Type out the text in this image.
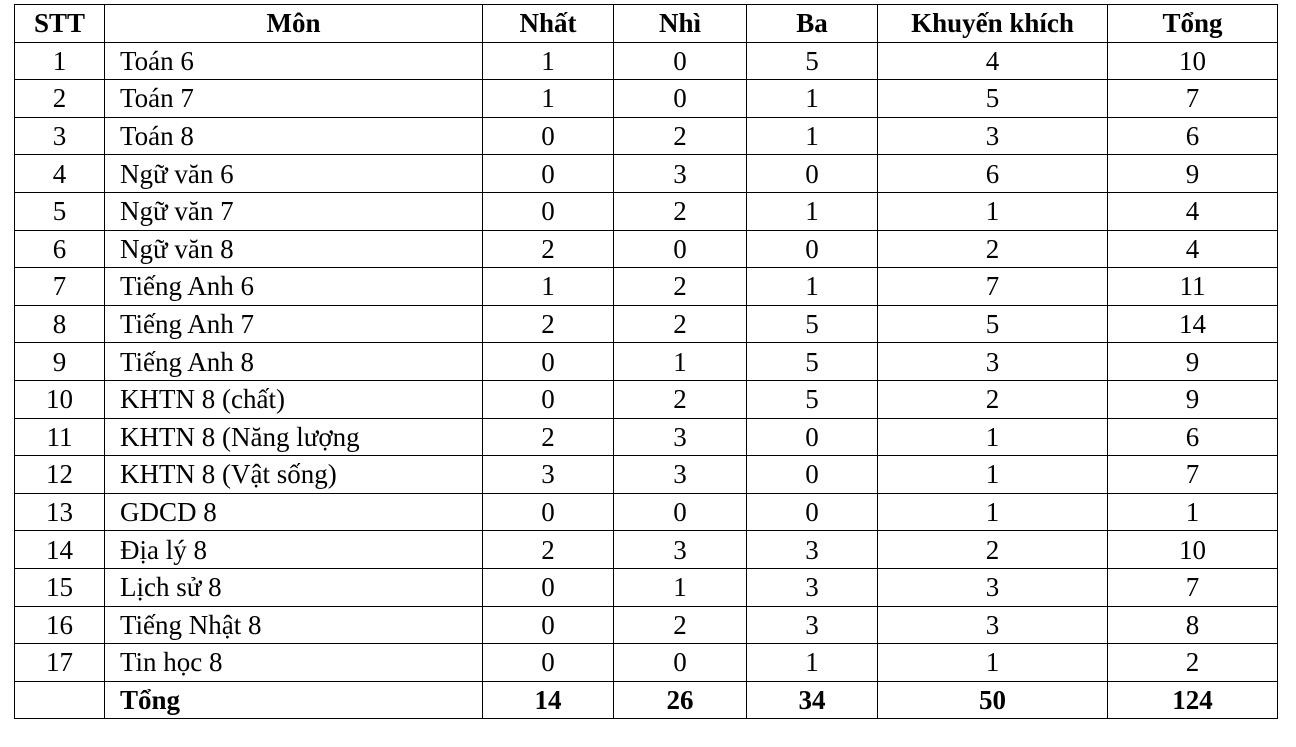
STT	Môn	Nhất	Nhì	Ba	Khuyến khích	Tổng
1	Toán 6	1	0	5	4	10
2	Toán 7	1	0	1	5	7
3	Toán 8	0	2	1	3	6
4	Ngữ văn 6	0	3	0	6	9
5	Ngữ văn 7	0	2	1	1	4
6	Ngữ văn 8	2	0	0	2	4
7	Tiếng Anh 6	1	2	1	7	11
8	Tiếng Anh 7	2	2	5	5	14
9	Tiếng Anh 8	0	1	5	3	9
10	KHTN 8 (chất)	0	2	5	2	9
11	KHTN 8 (Năng lượng	2	3	0	1	6
12	KHTN 8 (Vật sống)	3	3	0	1	7
13	GDCD 8	0	0	0	1	1
14	Địa lý 8	2	3	3	2	10
15	Lịch sử 8	0	1	3	3	7
16	Tiếng Nhật 8	0	2	3	3	8
17	Tin học 8	0	0	1	1	2
	Tổng	14	26	34	50	124
